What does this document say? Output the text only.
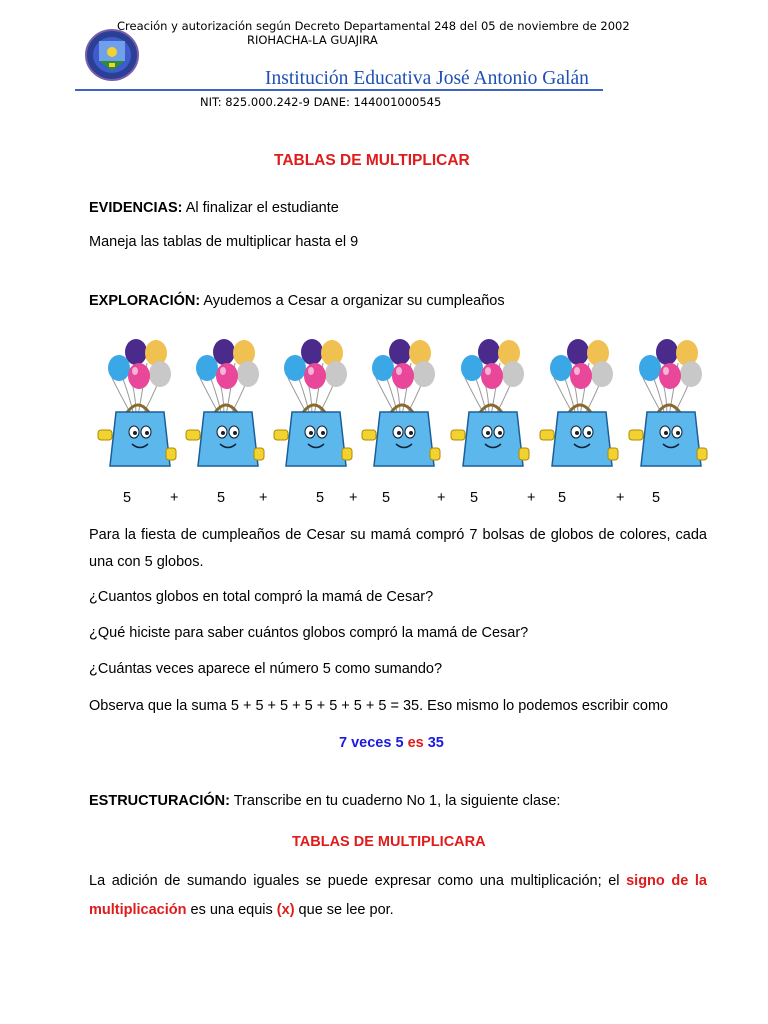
Creación y autorización según Decreto Departamental 248 del 05 de noviembre de 2002
RIOHACHA-LA GUAJIRA
Institución Educativa José Antonio Galán
NIT: 825.000.242-9 DANE: 144001000545
TABLAS DE MULTIPLICAR
EVIDENCIAS: Al finalizar el estudiante
Maneja las tablas de multiplicar hasta el 9
EXPLORACIÓN: Ayudemos a Cesar a organizar su cumpleaños
5	+	5 +	5 + 5	+ 5	+ 5	+ 5
Para la fiesta de cumpleaños de Cesar su mamá compró 7 bolsas de globos de colores, cada una con 5 globos.
¿Cuantos globos en total compró la mamá de Cesar?
¿Qué hiciste para saber cuántos globos compró la mamá de Cesar?
¿Cuántas veces aparece el número 5 como sumando?
Observa que la suma 5 + 5 + 5 + 5 + 5 + 5 + 5 = 35. Eso mismo lo podemos escribir como
7 veces 5 es 35
ESTRUCTURACIÓN: Transcribe en tu cuaderno No 1, la siguiente clase:
TABLAS DE MULTIPLICARA
La adición de sumando iguales se puede expresar como una multiplicación; el signo de la multiplicación es una equis (x) que se lee por.
